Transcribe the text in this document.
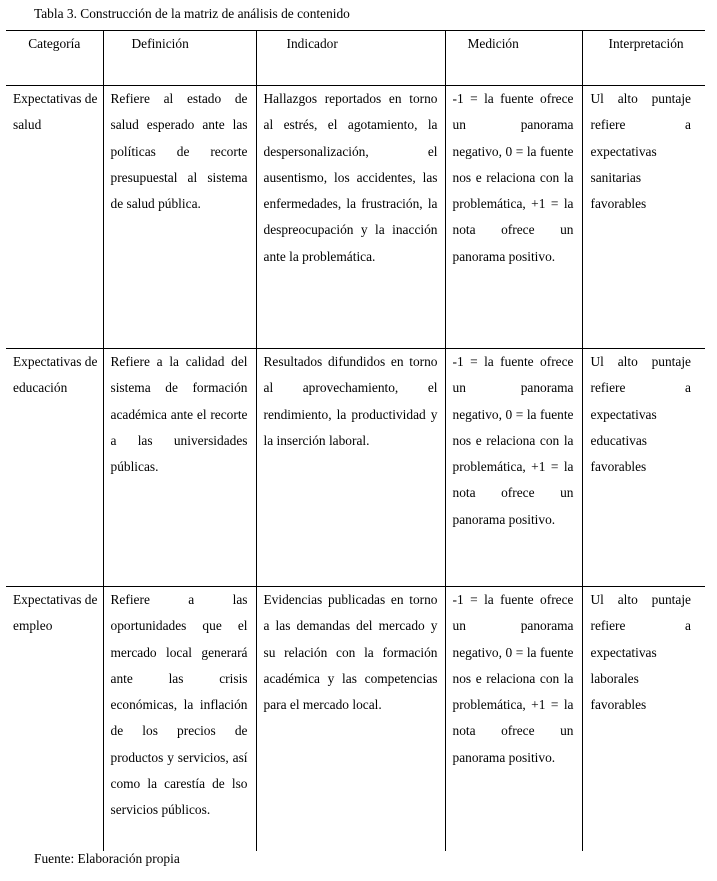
Tabla 3. Construcción de la matriz de análisis de contenido
Categoría	Definición	Indicador	Medición	Interpretación
Expectativas de salud	Refiere al estado de salud esperado ante las políticas de recorte presupuestal al sistema de salud pública.	Hallazgos reportados en torno al estrés, el agotamiento, la despersonalización, el ausentismo, los accidentes, las enfermedades, la frustración, la despreocupación y la inacción ante la problemática.	-1 = la fuente ofrece un panorama negativo, 0 = la fuente nos e relaciona con la problemática, +1 = la nota ofrece un panorama positivo.	Ul alto puntaje refiere a expectativas sanitarias favorables
Expectativas de educación	Refiere a la calidad del sistema de formación académica ante el recorte a las universidades públicas.	Resultados difundidos en torno al aprovechamiento, el rendimiento, la productividad y la inserción laboral.	-1 = la fuente ofrece un panorama negativo, 0 = la fuente nos e relaciona con la problemática, +1 = la nota ofrece un panorama positivo.	Ul alto puntaje refiere a expectativas educativas favorables
Expectativas de empleo	Refiere a las oportunidades que el mercado local generará ante las crisis económicas, la inflación de los precios de productos y servicios, así como la carestía de lso servicios públicos.	Evidencias publicadas en torno a las demandas del mercado y su relación con la formación académica y las competencias para el mercado local.	-1 = la fuente ofrece un panorama negativo, 0 = la fuente nos e relaciona con la problemática, +1 = la nota ofrece un panorama positivo.	Ul alto puntaje refiere a expectativas laborales favorables
Fuente: Elaboración propia
